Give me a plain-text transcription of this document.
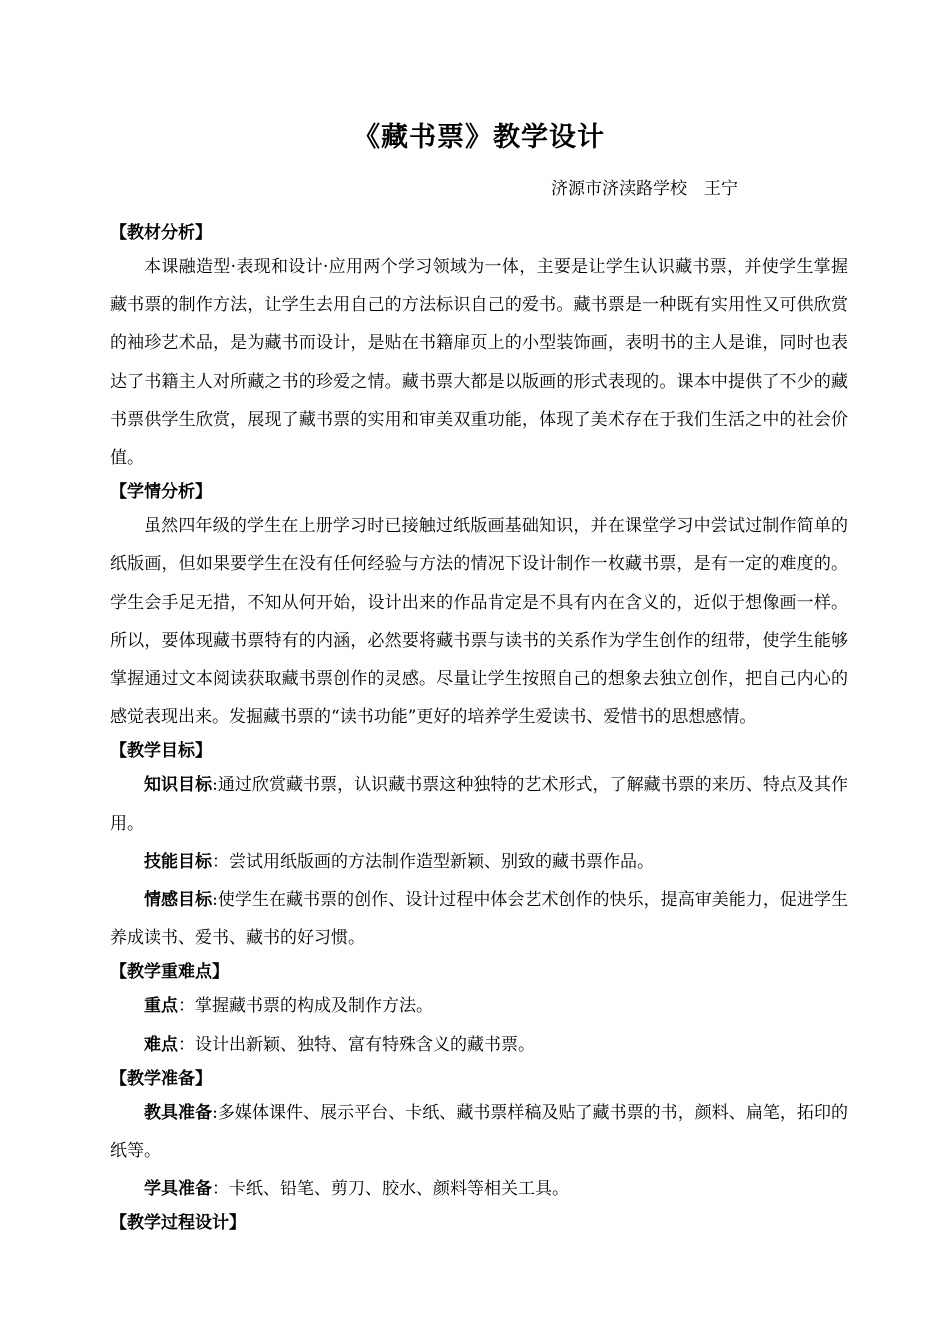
《藏书票》教学设计

济源市济渎路学校　王宁

【教材分析】

本课融造型·表现和设计·应用两个学习领域为一体，主要是让学生认识藏书票，并使学生掌握藏书票的制作方法，让学生去用自己的方法标识自己的爱书。藏书票是一种既有实用性又可供欣赏的袖珍艺术品，是为藏书而设计，是贴在书籍扉页上的小型装饰画，表明书的主人是谁，同时也表达了书籍主人对所藏之书的珍爱之情。藏书票大都是以版画的形式表现的。课本中提供了不少的藏书票供学生欣赏，展现了藏书票的实用和审美双重功能，体现了美术存在于我们生活之中的社会价值。

【学情分析】

虽然四年级的学生在上册学习时已接触过纸版画基础知识，并在课堂学习中尝试过制作简单的纸版画，但如果要学生在没有任何经验与方法的情况下设计制作一枚藏书票，是有一定的难度的。学生会手足无措，不知从何开始，设计出来的作品肯定是不具有内在含义的，近似于想像画一样。所以，要体现藏书票特有的内涵，必然要将藏书票与读书的关系作为学生创作的纽带，使学生能够掌握通过文本阅读获取藏书票创作的灵感。尽量让学生按照自己的想象去独立创作，把自己内心的感觉表现出来。发掘藏书票的“读书功能”更好的培养学生爱读书、爱惜书的思想感情。

【教学目标】

知识目标:通过欣赏藏书票，认识藏书票这种独特的艺术形式，了解藏书票的来历、特点及其作用。

技能目标：尝试用纸版画的方法制作造型新颖、别致的藏书票作品。

情感目标:使学生在藏书票的创作、设计过程中体会艺术创作的快乐，提高审美能力，促进学生养成读书、爱书、藏书的好习惯。

【教学重难点】

重点：掌握藏书票的构成及制作方法。

难点：设计出新颖、独特、富有特殊含义的藏书票。

【教学准备】

教具准备:多媒体课件、展示平台、卡纸、藏书票样稿及贴了藏书票的书，颜料、扁笔，拓印的纸等。

学具准备：卡纸、铅笔、剪刀、胶水、颜料等相关工具。

【教学过程设计】
